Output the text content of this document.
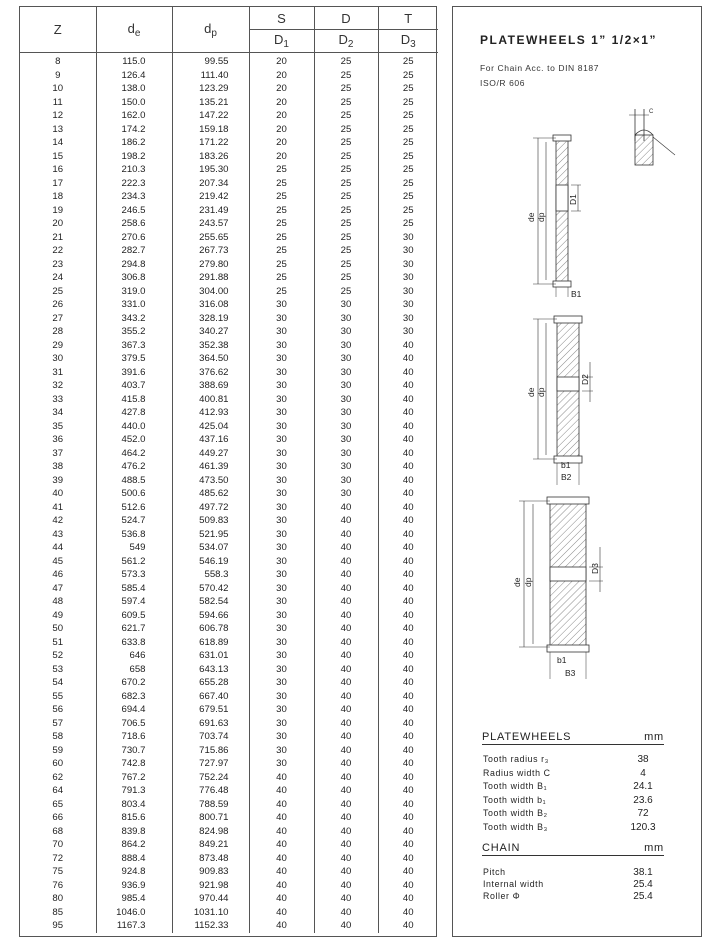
Z	$d_e$	$d_p$	S	D	T
			$D_1$	$D_2$	$D_3$
8	115.0	99.55	20	25	25
9	126.4	111.40	20	25	25
10	138.0	123.29	20	25	25
11	150.0	135.21	20	25	25
12	162.0	147.22	20	25	25
13	174.2	159.18	20	25	25
14	186.2	171.22	20	25	25
15	198.2	183.26	20	25	25
16	210.3	195.30	25	25	25
17	222.3	207.34	25	25	25
18	234.3	219.42	25	25	25
19	246.5	231.49	25	25	25
20	258.6	243.57	25	25	25
21	270.6	255.65	25	25	30
22	282.7	267.73	25	25	30
23	294.8	279.80	25	25	30
24	306.8	291.88	25	25	30
25	319.0	304.00	25	25	30
26	331.0	316.08	30	30	30
27	343.2	328.19	30	30	30
28	355.2	340.27	30	30	30
29	367.3	352.38	30	30	40
30	379.5	364.50	30	30	40
31	391.6	376.62	30	30	40
32	403.7	388.69	30	30	40
33	415.8	400.81	30	30	40
34	427.8	412.93	30	30	40
35	440.0	425.04	30	30	40
36	452.0	437.16	30	30	40
37	464.2	449.27	30	30	40
38	476.2	461.39	30	30	40
39	488.5	473.50	30	30	40
40	500.6	485.62	30	30	40
41	512.6	497.72	30	40	40
42	524.7	509.83	30	40	40
43	536.8	521.95	30	40	40
44	549	534.07	30	40	40
45	561.2	546.19	30	40	40
46	573.3	558.3	30	40	40
47	585.4	570.42	30	40	40
48	597.4	582.54	30	40	40
49	609.5	594.66	30	40	40
50	621.7	606.78	30	40	40
51	633.8	618.89	30	40	40
52	646	631.01	30	40	40
53	658	643.13	30	40	40
54	670.2	655.28	30	40	40
55	682.3	667.40	30	40	40
56	694.4	679.51	30	40	40
57	706.5	691.63	30	40	40
58	718.6	703.74	30	40	40
59	730.7	715.86	30	40	40
60	742.8	727.97	30	40	40
62	767.2	752.24	40	40	40
64	791.3	776.48	40	40	40
65	803.4	788.59	40	40	40
66	815.6	800.71	40	40	40
68	839.8	824.98	40	40	40
70	864.2	849.21	40	40	40
72	888.4	873.48	40	40	40
75	924.8	909.83	40	40	40
76	936.9	921.98	40	40	40
80	985.4	970.44	40	40	40
85	1046.0	1031.10	40	40	40
95	1167.3	1152.33	40	40	40
PLATEWHEELS 1” 1/2×1”
For Chain Acc. to DIN 8187
ISO/R 606
C
de dp
D1
B1
de dp
D2
b1
B2
de dp
D3
b1
B3
PLATEWHEELS	mm
Tooth radius r₃	38
Radius width C	4
Tooth width B₁	24.1
Tooth width b₁	23.6
Tooth width B₂	72
Tooth width B₃	120.3
CHAIN	mm
Pitch	38.1
Internal width	25.4
Roller Φ	25.4
